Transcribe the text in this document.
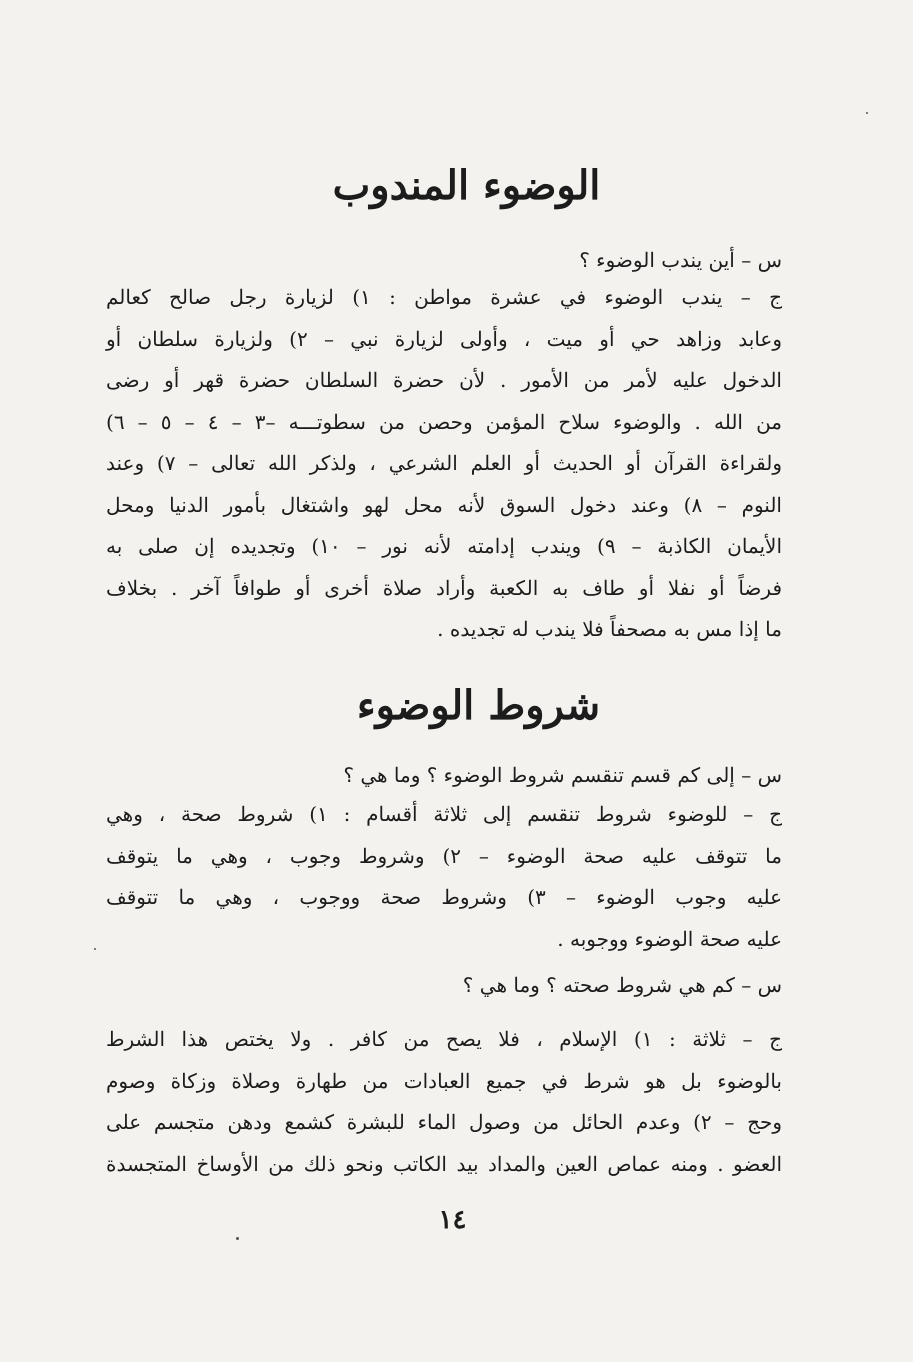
الوضوء المندوب

س – أين يندب الوضوء ؟

ج – يندب الوضوء في عشرة مواطن : ١) لزيارة رجل صالح كعالم
وعابد وزاهد حي أو ميت ، وأولى لزيارة نبي – ٢) ولزيارة سلطان أو
الدخول عليه لأمر من الأمور . لأن حضرة السلطان حضرة قهر أو رضى
من الله . والوضوء سلاح المؤمن وحصن من سطوتـــه –٣ – ٤ – ٥ – ٦)
ولقراءة القرآن أو الحديث أو العلم الشرعي ، ولذكر الله تعالى – ٧) وعند
النوم – ٨) وعند دخول السوق لأنه محل لهو واشتغال بأمور الدنيا ومحل
الأيمان الكاذبة – ٩) ويندب إدامته لأنه نور – ١٠) وتجديده إن صلى به
فرضاً أو نفلا أو طاف به الكعبة وأراد صلاة أخرى أو طوافاً آخر . بخلاف
ما إذا مس به مصحفاً فلا يندب له تجديده .

شروط الوضوء

س – إلى كم قسم تنقسم شروط الوضوء ؟ وما هي ؟

ج – للوضوء شروط تنقسم إلى ثلاثة أقسام : ١) شروط صحة ، وهي
ما تتوقف عليه صحة الوضوء – ٢) وشروط وجوب ، وهي ما يتوقف
عليه وجوب الوضوء – ٣) وشروط صحة ووجوب ، وهي ما تتوقف
عليه صحة الوضوء ووجوبه .

س – كم هي شروط صحته ؟ وما هي ؟

ج – ثلاثة : ١) الإسلام ، فلا يصح من كافر . ولا يختص هذا الشرط
بالوضوء بل هو شرط في جميع العبادات من طهارة وصلاة وزكاة وصوم
وحج – ٢) وعدم الحائل من وصول الماء للبشرة كشمع ودهن متجسم على
العضو . ومنه عماص العين والمداد بيد الكاتب ونحو ذلك من الأوساخ المتجسدة

١٤
